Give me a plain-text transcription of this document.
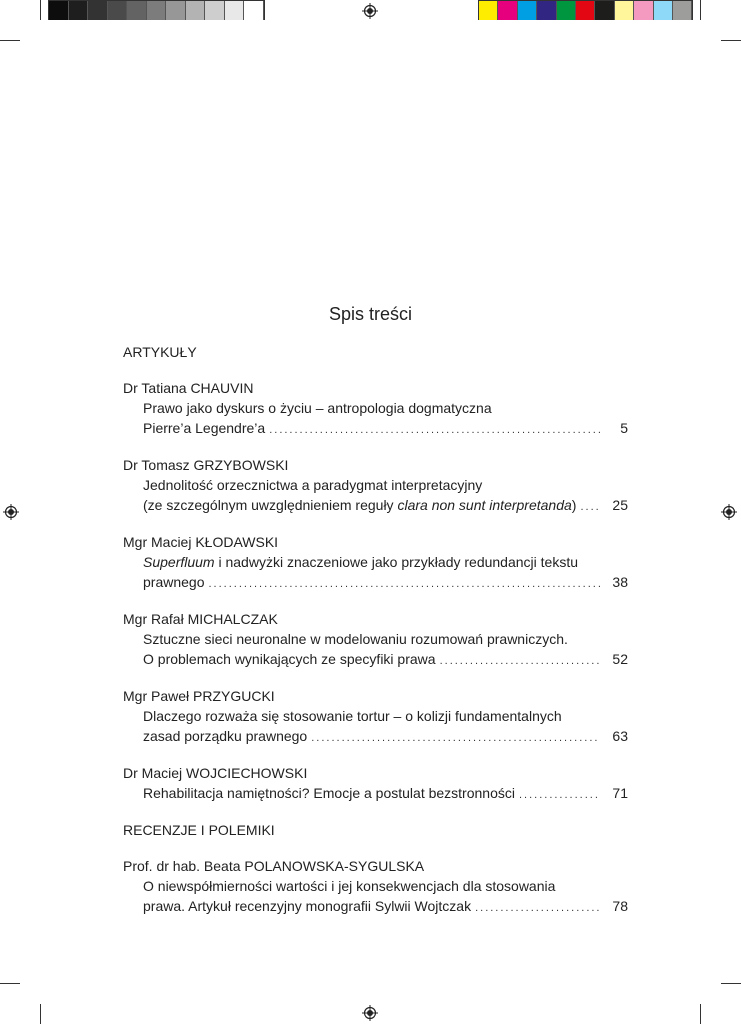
Spis treści
ARTYKUŁY
Dr Tatiana CHAUVIN
Prawo jako dyskurs o życiu – antropologia dogmatyczna
Pierre’a Legendre’a .....	5
Dr Tomasz GRZYBOWSKI
Jednolitość orzecznictwa a paradygmat interpretacyjny
(ze szczególnym uwzględnieniem reguły clara non sunt interpretanda) .....	25
Mgr Maciej KŁODAWSKI
Superfluum i nadwyżki znaczeniowe jako przykłady redundancji tekstu
prawnego .....	38
Mgr Rafał MICHALCZAK
Sztuczne sieci neuronalne w modelowaniu rozumowań prawniczych.
O problemach wynikających ze specyfiki prawa .....	52
Mgr Paweł PRZYGUCKI
Dlaczego rozważa się stosowanie tortur – o kolizji fundamentalnych
zasad porządku prawnego .....	63
Dr Maciej WOJCIECHOWSKI
Rehabilitacja namiętności? Emocje a postulat bezstronności .....	71
RECENZJE I POLEMIKI
Prof. dr hab. Beata POLANOWSKA-SYGULSKA
O niewspółmierności wartości i jej konsekwencjach dla stosowania
prawa. Artykuł recenzyjny monografii Sylwii Wojtczak .....	78
